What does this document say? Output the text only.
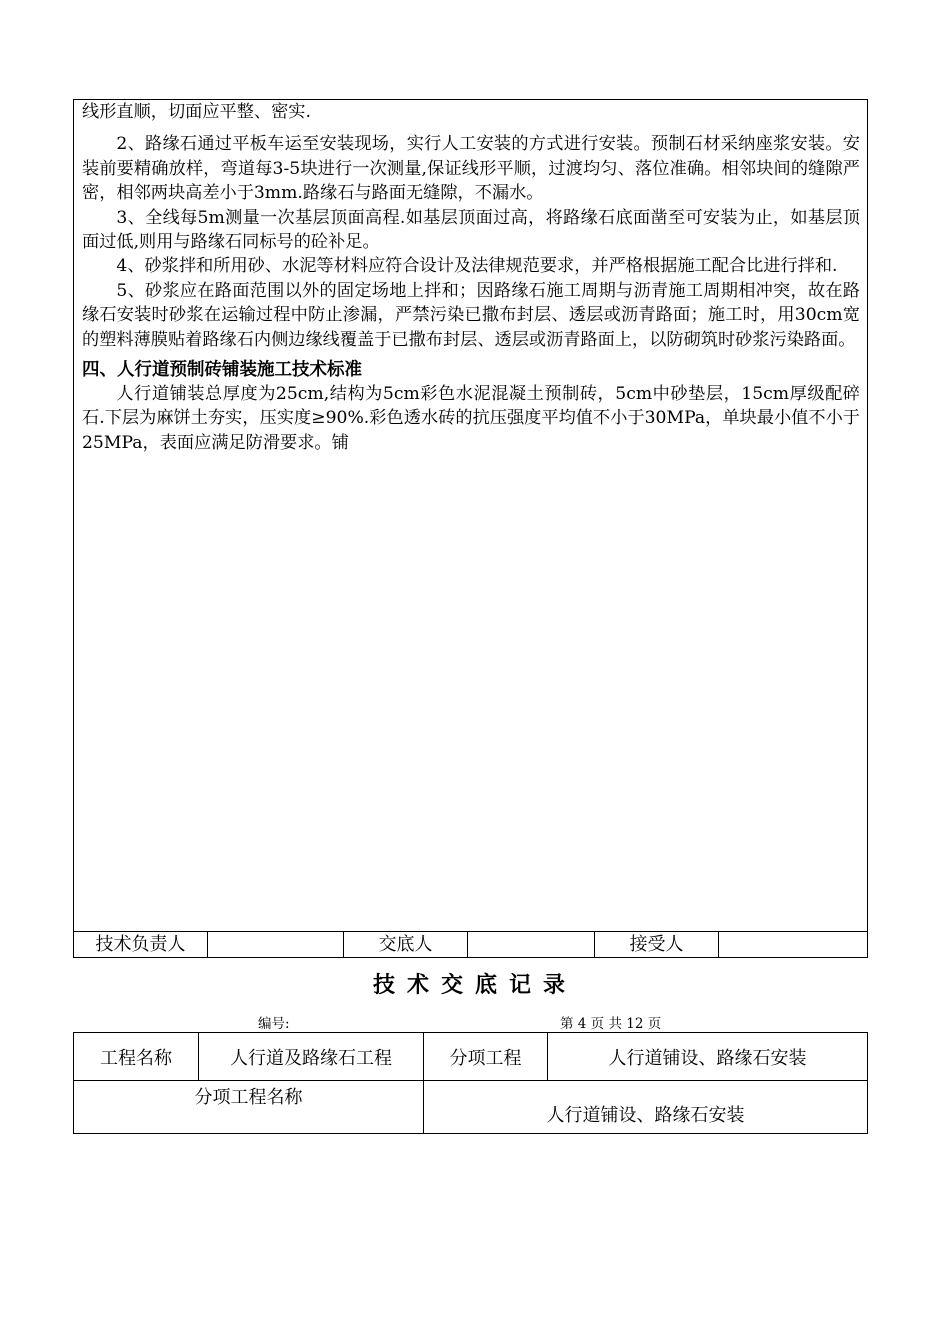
线形直顺，切面应平整、密实.

2、路缘石通过平板车运至安装现场，实行人工安装的方式进行安装。预制石材采纳座浆安装。安装前要精确放样，弯道每3-5块进行一次测量,保证线形平顺，过渡均匀、落位准确。相邻块间的缝隙严密，相邻两块高差小于3mm.路缘石与路面无缝隙，不漏水。

3、全线每5m测量一次基层顶面高程.如基层顶面过高，将路缘石底面凿至可安装为止，如基层顶面过低,则用与路缘石同标号的砼补足。

4、砂浆拌和所用砂、水泥等材料应符合设计及法律规范要求，并严格根据施工配合比进行拌和.

5、砂浆应在路面范围以外的固定场地上拌和；因路缘石施工周期与沥青施工周期相冲突，故在路缘石安装时砂浆在运输过程中防止渗漏，严禁污染已撒布封层、透层或沥青路面；施工时，用30cm宽的塑料薄膜贴着路缘石内侧边缘线覆盖于已撒布封层、透层或沥青路面上，以防砌筑时砂浆污染路面。

四、人行道预制砖铺装施工技术标准

人行道铺装总厚度为25cm,结构为5cm彩色水泥混凝土预制砖，5cm中砂垫层，15cm厚级配碎石.下层为麻饼土夯实，压实度≥90%.彩色透水砖的抗压强度平均值不小于30MPa，单块最小值不小于25MPa，表面应满足防滑要求。铺

技术负责人		交底人		接受人	
技术交底记录
编号:	第 4 页 共 12 页
工程名称	人行道及路缘石工程	分项工程	人行道铺设、路缘石安装
分项工程名称		人行道铺设、路缘石安装	
